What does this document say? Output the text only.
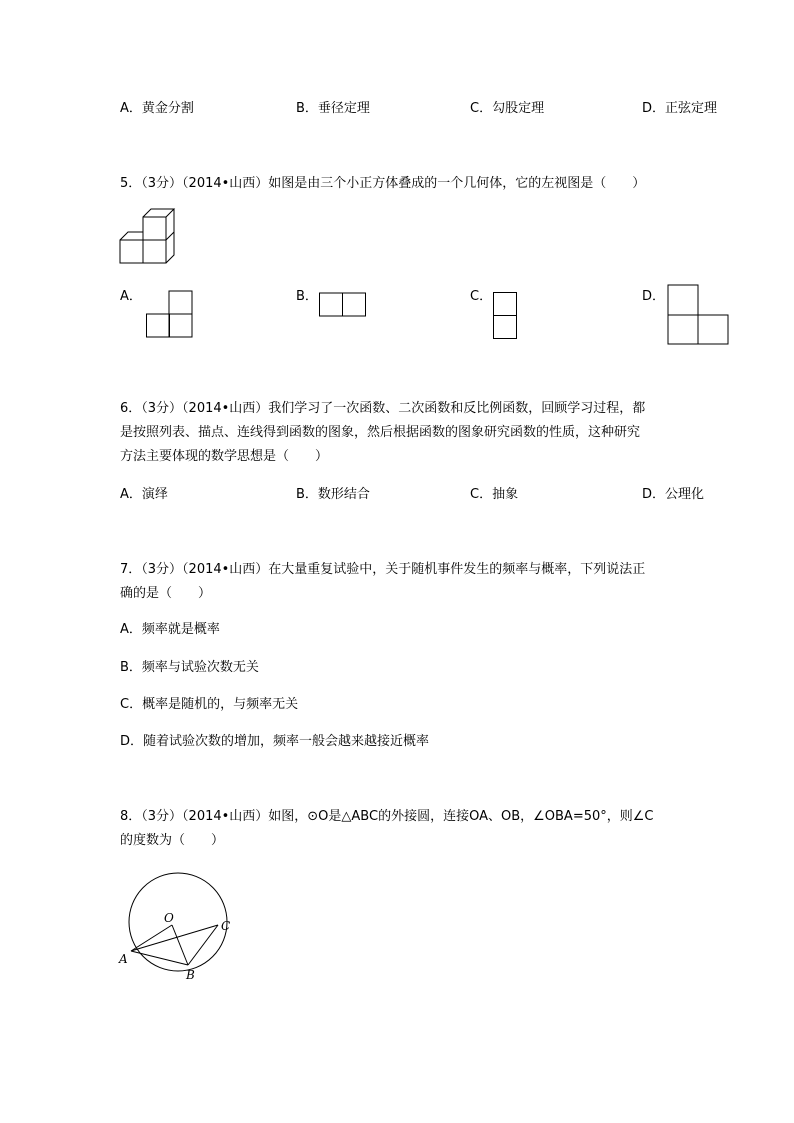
A．黄金分割	B．垂径定理	C．勾股定理	D．正弦定理
5．（3分）（2014•山西）如图是由三个小正方体叠成的一个几何体，它的左视图是（　　）
A．	B．	C．	D．
6．（3分）（2014•山西）我们学习了一次函数、二次函数和反比例函数，回顾学习过程，都
是按照列表、描点、连线得到函数的图象，然后根据函数的图象研究函数的性质，这种研究
方法主要体现的数学思想是（　　）
A．演绎	B．数形结合	C．抽象	D．公理化
7．（3分）（2014•山西）在大量重复试验中，关于随机事件发生的频率与概率，下列说法正
确的是（　　）
A．频率就是概率
B．频率与试验次数无关
C．概率是随机的，与频率无关
D．随着试验次数的增加，频率一般会越来越接近概率
8．（3分）（2014•山西）如图，⊙O是△ABC的外接圆，连接OA、OB，∠OBA=50°，则∠C
的度数为（　　）
O
A
B
C
